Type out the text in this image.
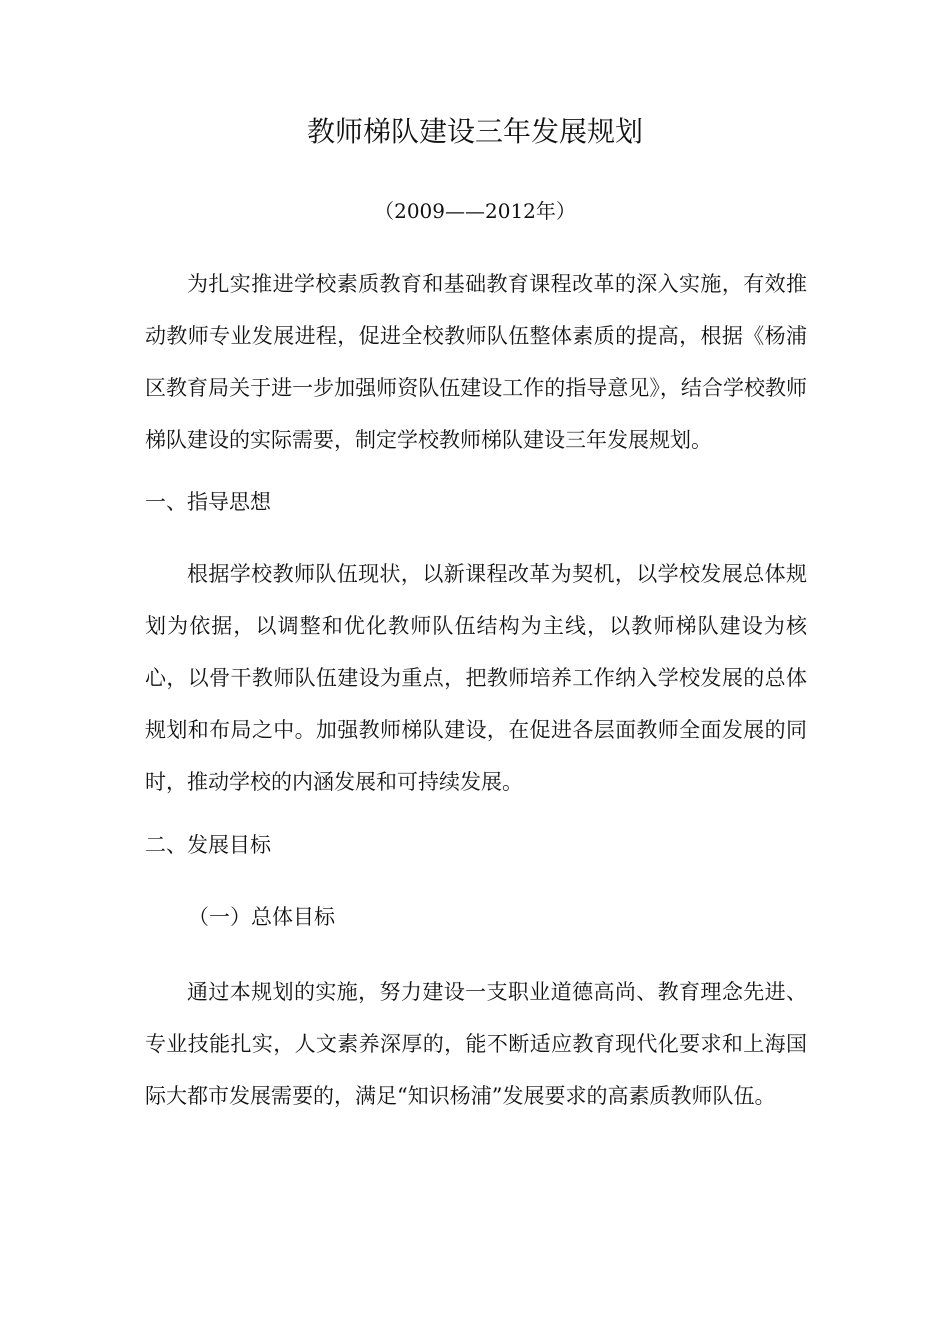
教师梯队建设三年发展规划
（2009——2012年）

为扎实推进学校素质教育和基础教育课程改革的深入实施，有效推动教师专业发展进程，促进全校教师队伍整体素质的提高，根据《杨浦区教育局关于进一步加强师资队伍建设工作的指导意见》，结合学校教师梯队建设的实际需要，制定学校教师梯队建设三年发展规划。

一、指导思想

根据学校教师队伍现状，以新课程改革为契机，以学校发展总体规划为依据，以调整和优化教师队伍结构为主线，以教师梯队建设为核心，以骨干教师队伍建设为重点，把教师培养工作纳入学校发展的总体规划和布局之中。加强教师梯队建设，在促进各层面教师全面发展的同时，推动学校的内涵发展和可持续发展。

二、发展目标
（一）总体目标

通过本规划的实施，努力建设一支职业道德高尚、教育理念先进、专业技能扎实，人文素养深厚的，能不断适应教育现代化要求和上海国际大都市发展需要的，满足“知识杨浦”发展要求的高素质教师队伍。
